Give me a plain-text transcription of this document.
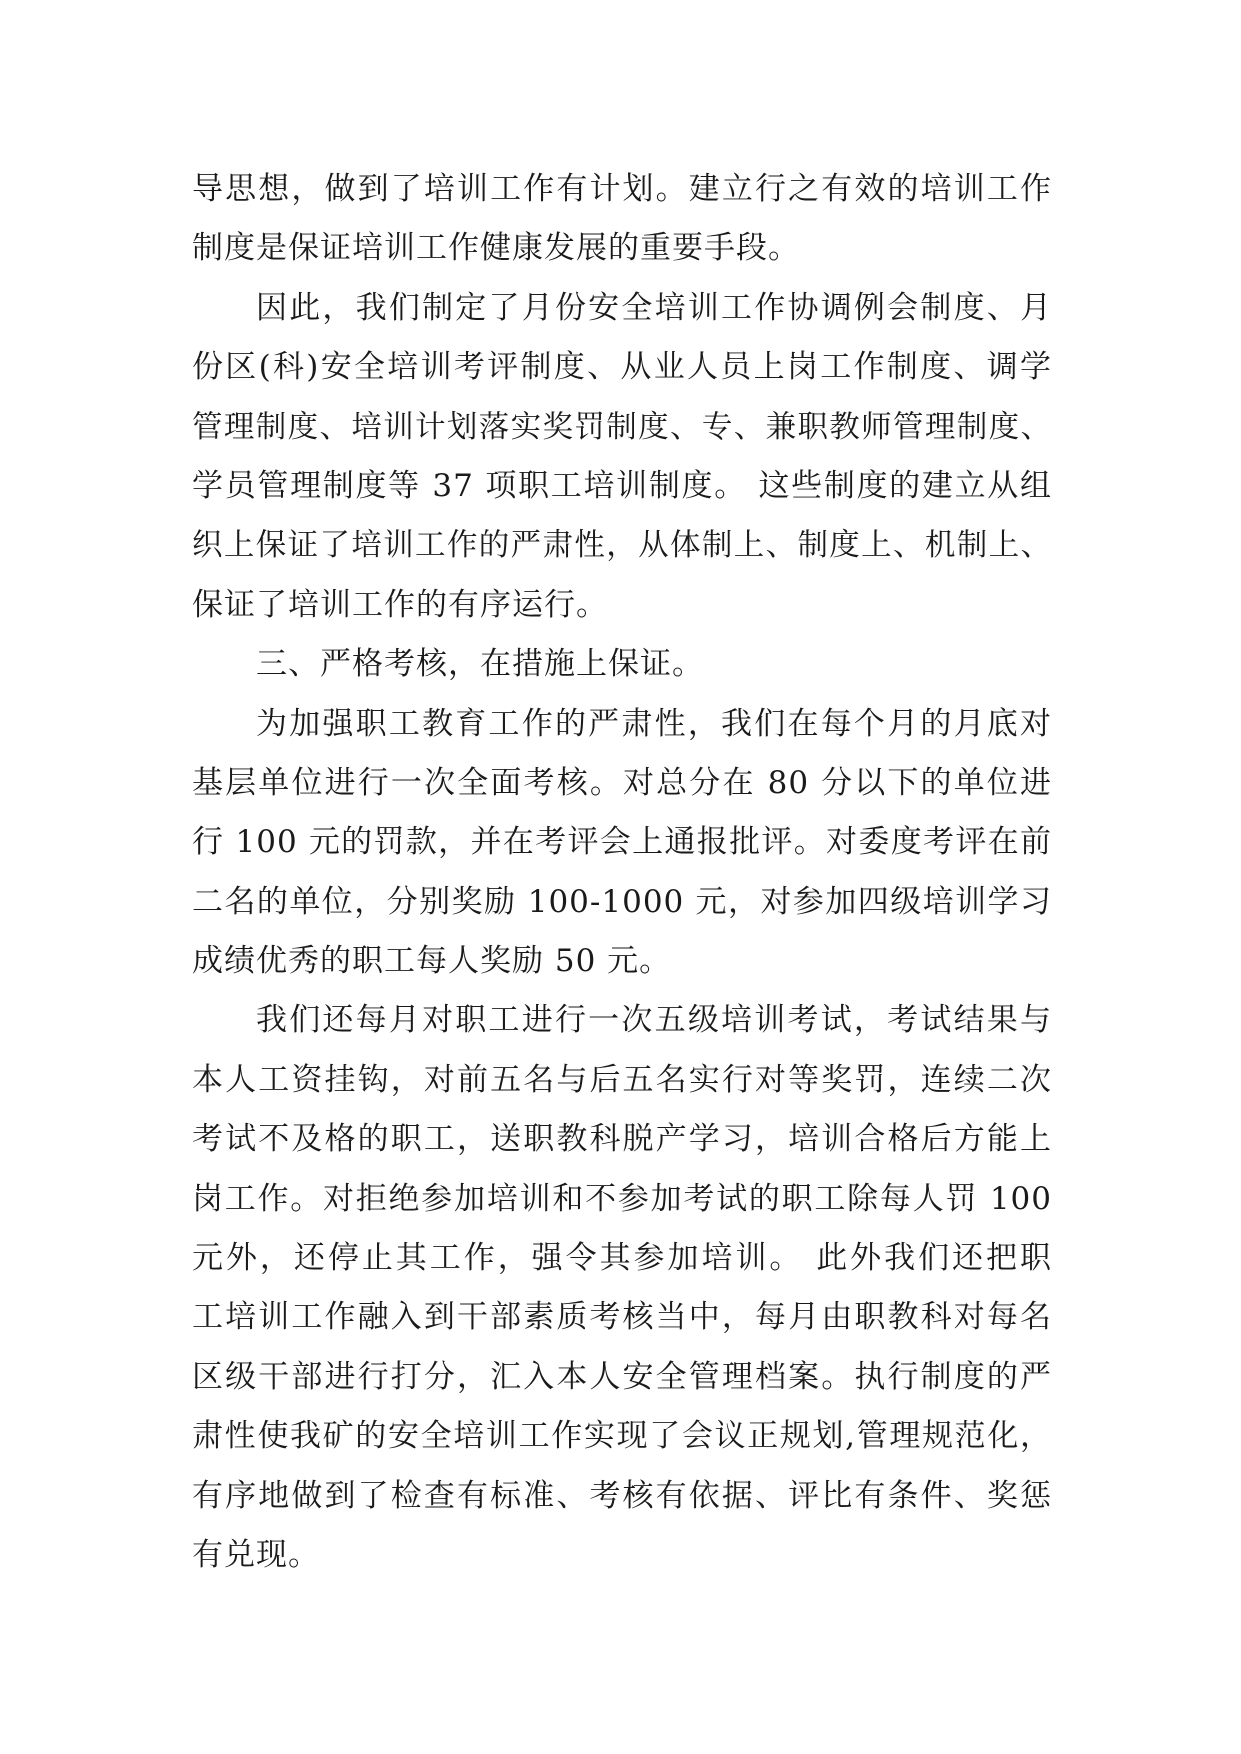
导思想，做到了培训工作有计划。建立行之有效的培训工作
制度是保证培训工作健康发展的重要手段。
因此，我们制定了月份安全培训工作协调例会制度、月
份区(科)安全培训考评制度、从业人员上岗工作制度、调学
管理制度、培训计划落实奖罚制度、专、兼职教师管理制度、
学员管理制度等 37 项职工培训制度。 这些制度的建立从组
织上保证了培训工作的严肃性，从体制上、制度上、机制上、
保证了培训工作的有序运行。
三、严格考核，在措施上保证。
为加强职工教育工作的严肃性，我们在每个月的月底对
基层单位进行一次全面考核。对总分在 80 分以下的单位进
行 100 元的罚款，并在考评会上通报批评。对委度考评在前
二名的单位，分别奖励 100-1000 元，对参加四级培训学习
成绩优秀的职工每人奖励 50 元。
我们还每月对职工进行一次五级培训考试，考试结果与
本人工资挂钩，对前五名与后五名实行对等奖罚，连续二次
考试不及格的职工，送职教科脱产学习，培训合格后方能上
岗工作。对拒绝参加培训和不参加考试的职工除每人罚 100
元外，还停止其工作，强令其参加培训。 此外我们还把职
工培训工作融入到干部素质考核当中，每月由职教科对每名
区级干部进行打分，汇入本人安全管理档案。执行制度的严
肃性使我矿的安全培训工作实现了会议正规划,管理规范化，
有序地做到了检查有标准、考核有依据、评比有条件、奖惩
有兑现。
